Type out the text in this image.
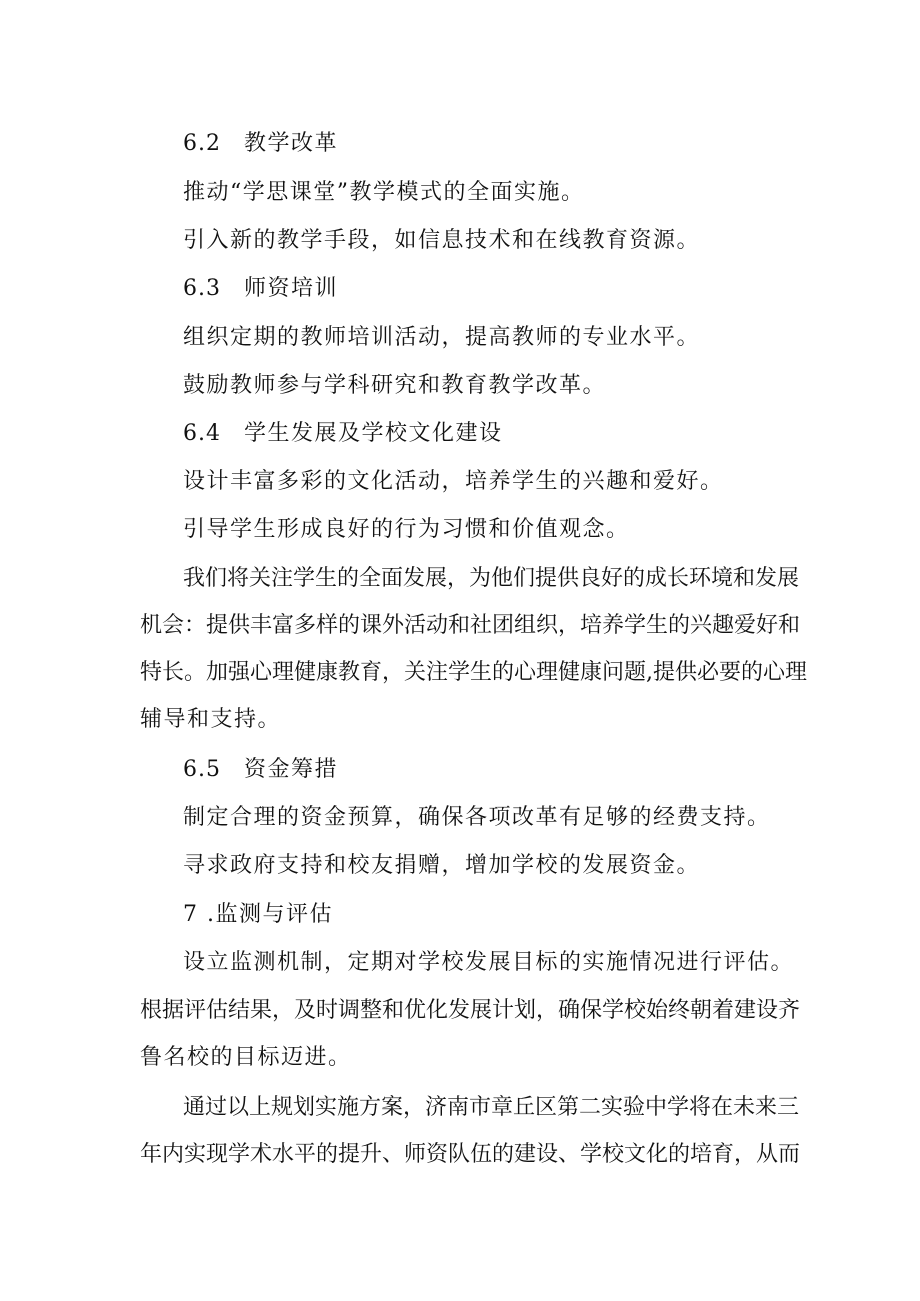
6.2 教学改革
推动“学思课堂”教学模式的全面实施。
引入新的教学手段，如信息技术和在线教育资源。
6.3 师资培训
组织定期的教师培训活动，提高教师的专业水平。
鼓励教师参与学科研究和教育教学改革。
6.4 学生发展及学校文化建设
设计丰富多彩的文化活动，培养学生的兴趣和爱好。
引导学生形成良好的行为习惯和价值观念。
我们将关注学生的全面发展，为他们提供良好的成长环境和发展
机会：提供丰富多样的课外活动和社团组织，培养学生的兴趣爱好和
特长。加强心理健康教育，关注学生的心理健康问题,提供必要的心理
辅导和支持。
6.5 资金筹措
制定合理的资金预算，确保各项改革有足够的经费支持。
寻求政府支持和校友捐赠，增加学校的发展资金。
7 .监测与评估
设立监测机制，定期对学校发展目标的实施情况进行评估。
根据评估结果，及时调整和优化发展计划，确保学校始终朝着建设齐
鲁名校的目标迈进。
通过以上规划实施方案，济南市章丘区第二实验中学将在未来三
年内实现学术水平的提升、师资队伍的建设、学校文化的培育，从而
